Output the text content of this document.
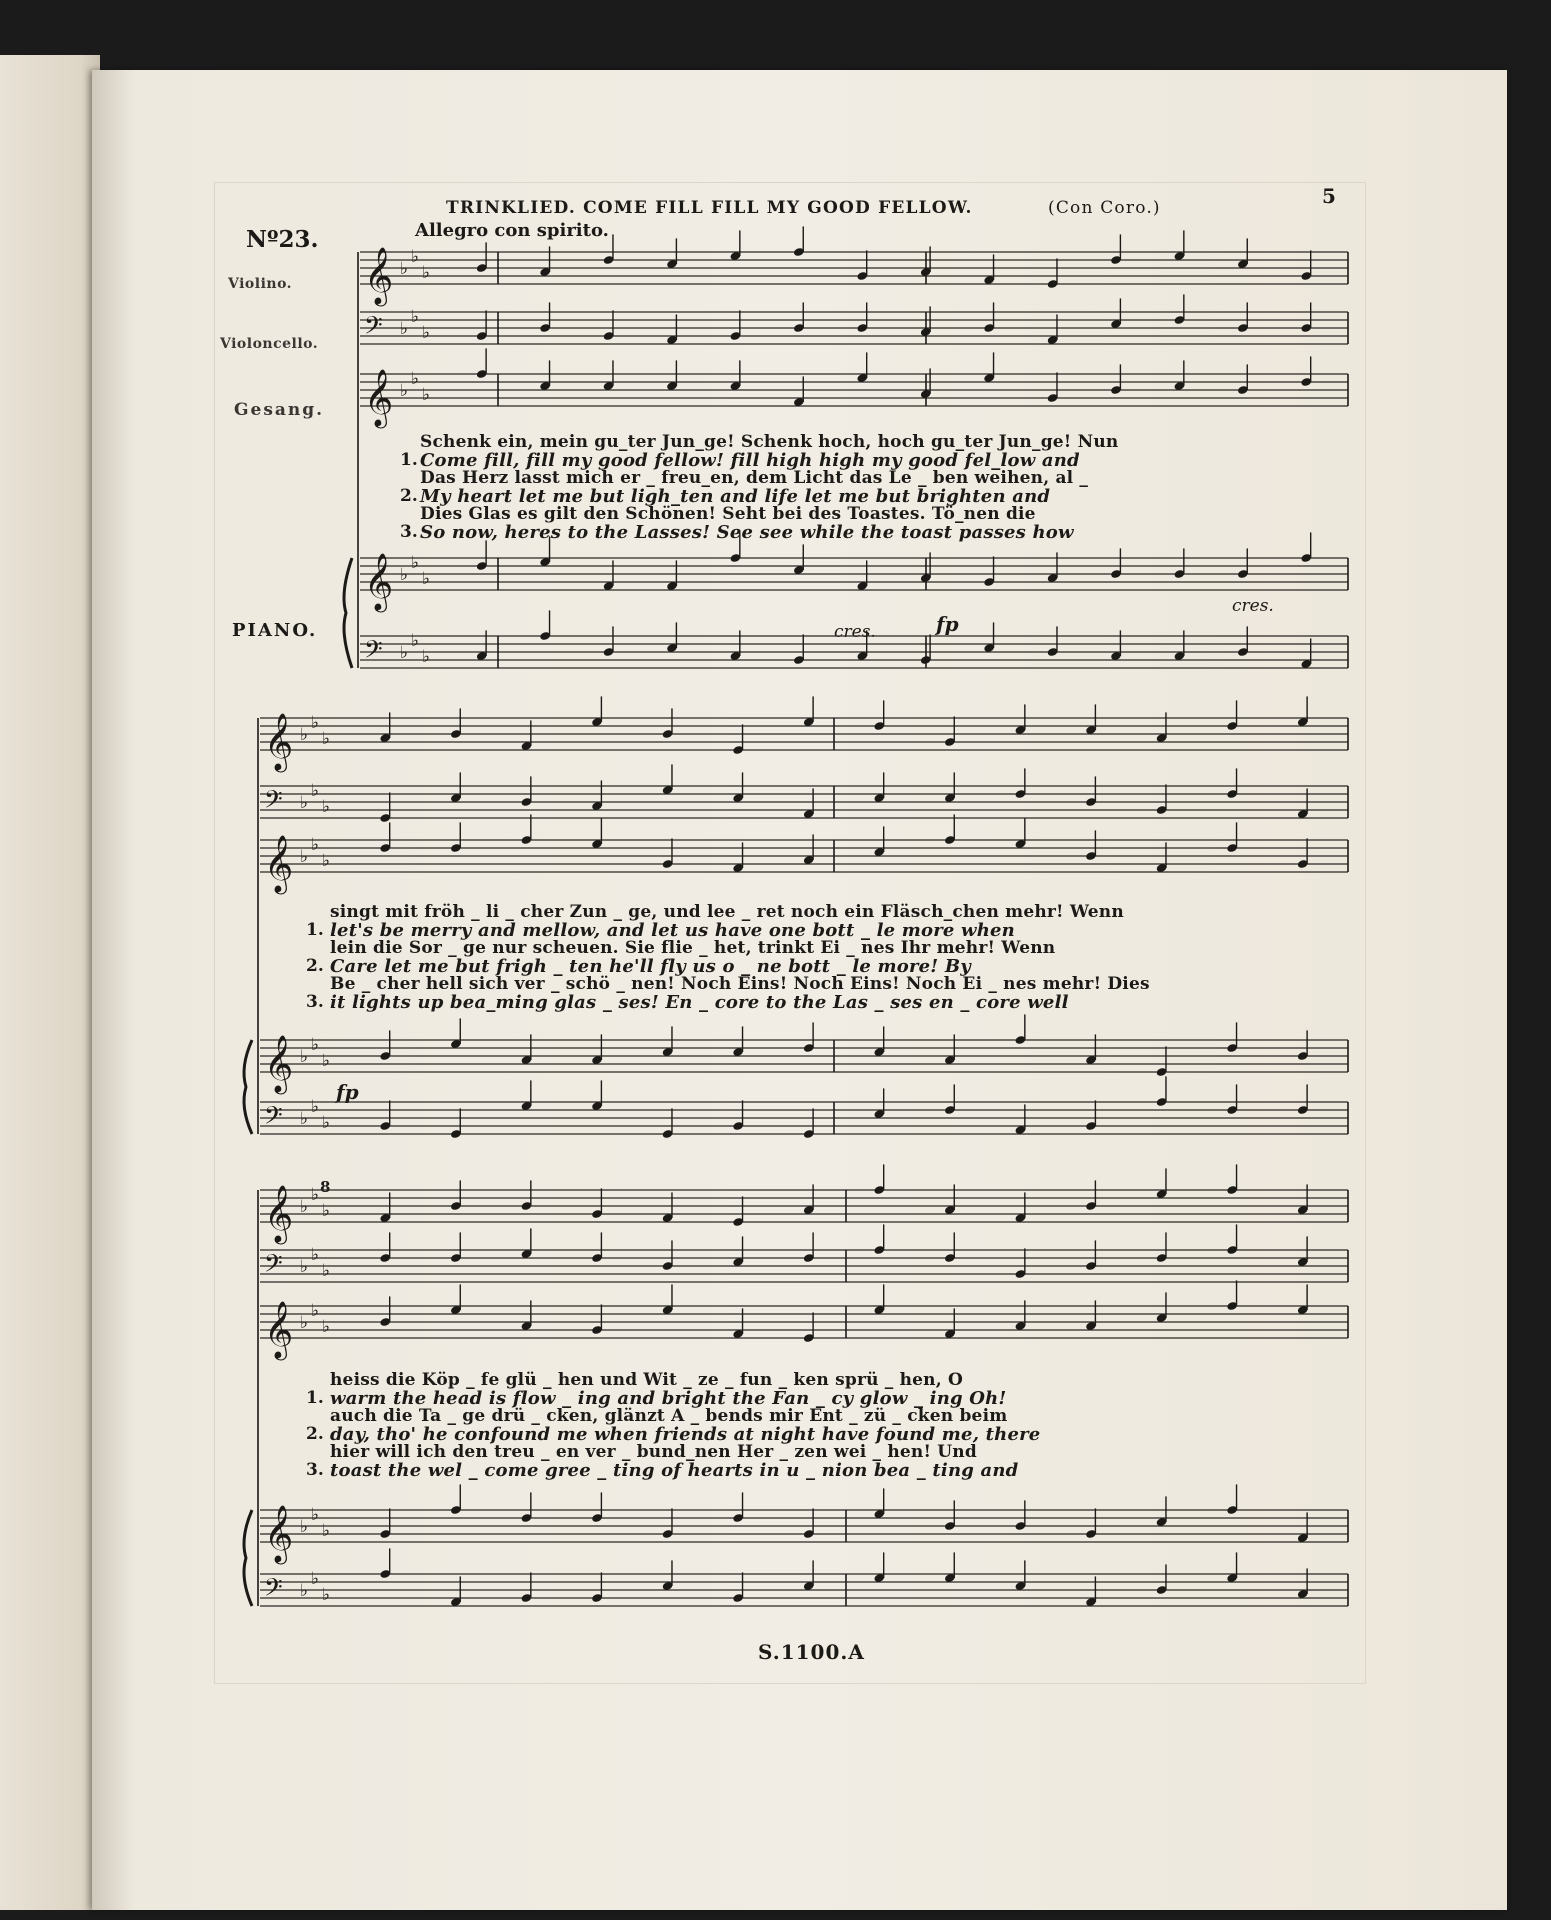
TRINKLIED. COME FILL FILL MY GOOD FELLOW.	(Con Coro.)	5
Nº23.	Allegro con spirito.
Violino.
Violoncello.
Gesang.
PIANO.	cres.
cres.
fp
fp
8
𝄞 ♭
♭
♭
𝄢 ♭
♭
♭
𝄞 ♭
♭
♭
𝄞 ♭
♭
♭
𝄢 ♭
♭
♭
𝄞 ♭
♭
♭
𝄢 ♭
♭
♭
𝄞 ♭
♭
♭
𝄞 ♭
♭
♭
𝄢 ♭
♭
♭
𝄞 ♭
♭
♭
𝄢 ♭
♭
♭
𝄞 ♭
♭
♭
𝄞 ♭
♭
♭
𝄢 ♭
♭
♭
Schenk ein, mein gu_ter Jun_ge! Schenk hoch, hoch gu_ter Jun_ge! Nun
Come fill, fill my good fellow! fill high high my good fel_low and
1.
Das Herz lasst mich er _ freu_en, dem Licht das Le _ ben weihen, al _
My heart let me but ligh_ten and life let me but brighten and
2.
Dies Glas es gilt den Schönen! Seht bei des Toastes. Tö_nen die
So now, heres to the Lasses! See see while the toast passes how
3.
singt mit fröh _ li _ cher Zun _ ge, und lee _ ret noch ein Fläsch_chen mehr! Wenn
let's be merry and mellow, and let us have one bott _ le more when
1.
lein die Sor _ ge nur scheuen. Sie flie _ het, trinkt Ei _ nes Ihr mehr! Wenn
Care let me but frigh _ ten he'll fly us o _ ne bott _ le more! By
2.
Be _ cher hell sich ver _ schö _ nen! Noch Eins! Noch Eins! Noch Ei _ nes mehr! Dies
it lights up bea_ming glas _ ses! En _ core to the Las _ ses en _ core well
3.
heiss die Köp _ fe glü _ hen und Wit _ ze _ fun _ ken sprü _ hen, O
warm the head is flow _ ing and bright the Fan _ cy glow _ ing Oh!
1.
auch die Ta _ ge drü _ cken, glänzt A _ bends mir Ent _ zü _ cken beim
day, tho' he confound me when friends at night have found me, there
2.
hier will ich den treu _ en ver _ bund_nen Her _ zen wei _ hen! Und
toast the wel _ come gree _ ting of hearts in u _ nion bea _ ting and
3.
S.1100.A
